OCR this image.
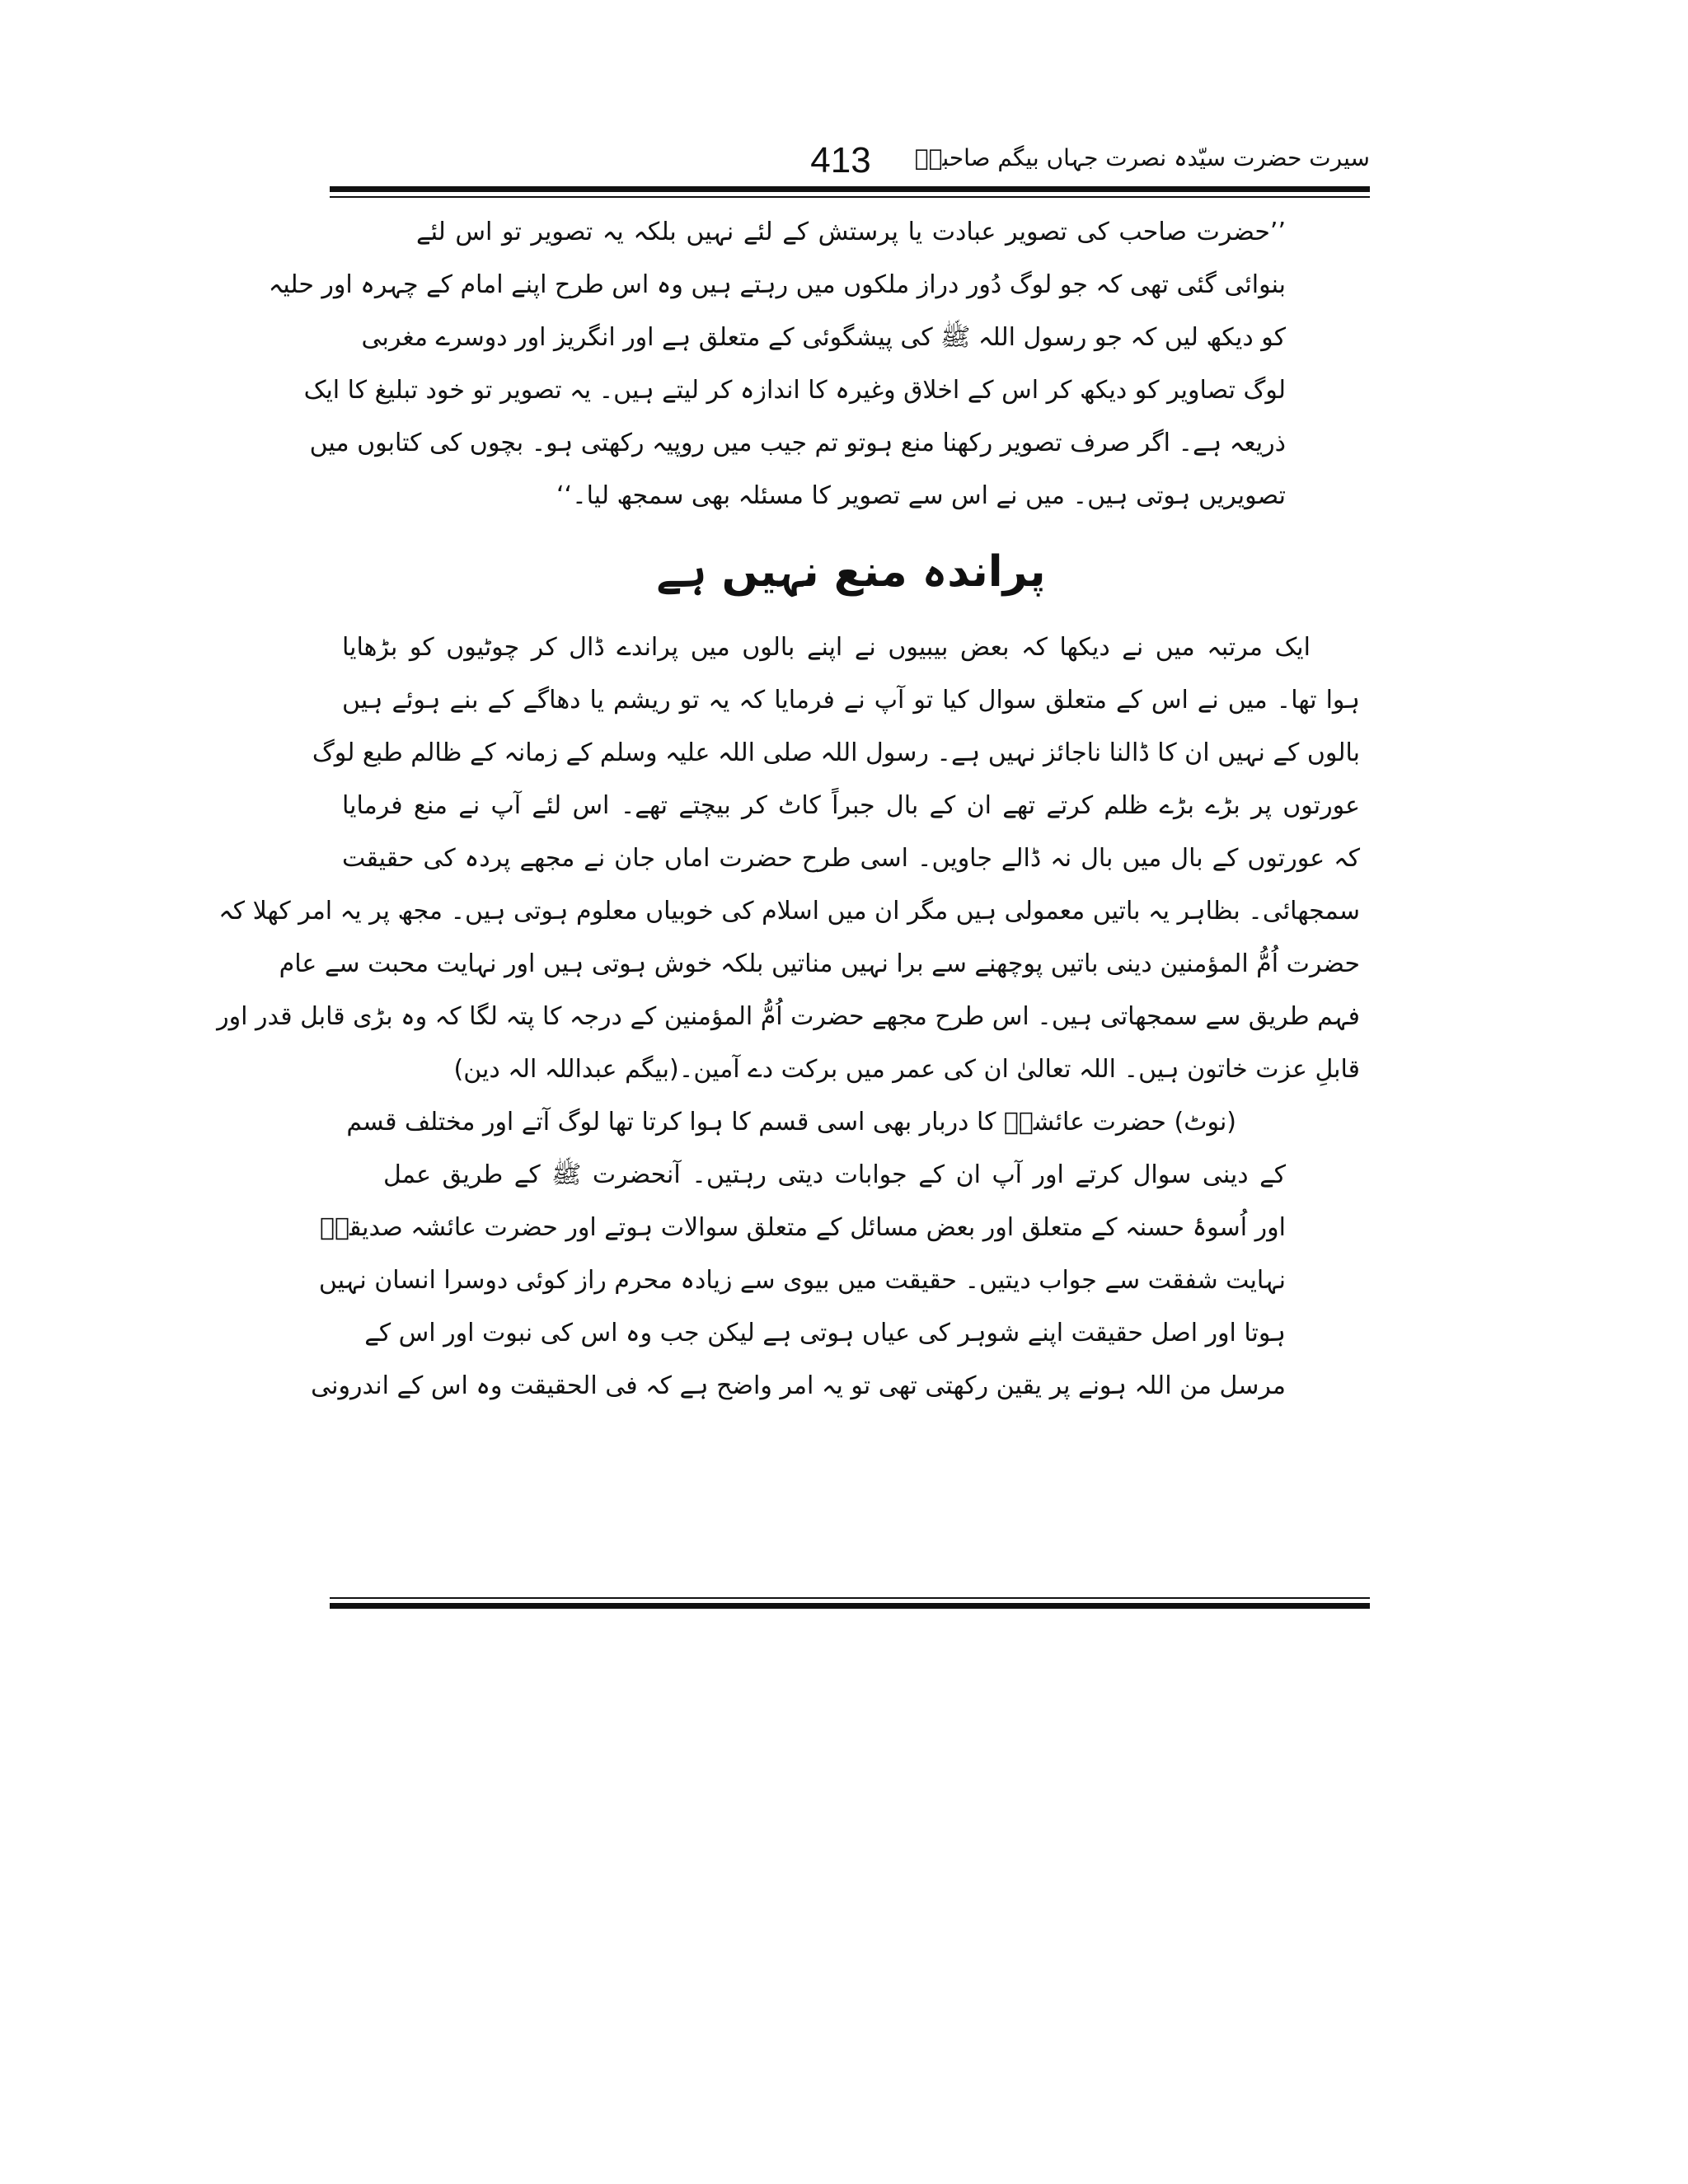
413	سیرت حضرت سیّدہ نصرت جہاں بیگم صاحبہؓ
’’حضرت صاحب کی تصویر عبادت یا پرستش کے لئے نہیں بلکہ یہ تصویر تو اس لئے
بنوائی گئی تھی کہ جو لوگ دُور دراز ملکوں میں رہتے ہیں وہ اس طرح اپنے امام کے چہرہ اور حلیہ
کو دیکھ لیں کہ جو رسول اللہ ﷺ کی پیشگوئی کے متعلق ہے اور انگریز اور دوسرے مغربی
لوگ تصاویر کو دیکھ کر اس کے اخلاق وغیرہ کا اندازہ کر لیتے ہیں۔ یہ تصویر تو خود تبلیغ کا ایک
ذریعہ ہے۔ اگر صرف تصویر رکھنا منع ہوتو تم جیب میں روپیہ رکھتی ہو۔ بچوں کی کتابوں میں
تصویریں ہوتی ہیں۔ میں نے اس سے تصویر کا مسئلہ بھی سمجھ لیا۔‘‘
پراندہ منع نہیں ہے
ایک مرتبہ میں نے دیکھا کہ بعض بیبیوں نے اپنے بالوں میں پراندے ڈال کر چوٹیوں کو بڑھایا
ہوا تھا۔ میں نے اس کے متعلق سوال کیا تو آپ نے فرمایا کہ یہ تو ریشم یا دھاگے کے بنے ہوئے ہیں
بالوں کے نہیں ان کا ڈالنا ناجائز نہیں ہے۔ رسول اللہ صلی اللہ علیہ وسلم کے زمانہ کے ظالم طبع لوگ
عورتوں پر بڑے بڑے ظلم کرتے تھے ان کے بال جبراً کاٹ کر بیچتے تھے۔ اس لئے آپ نے منع فرمایا
کہ عورتوں کے بال میں بال نہ ڈالے جاویں۔ اسی طرح حضرت اماں جان نے مجھے پردہ کی حقیقت
سمجھائی۔ بظاہر یہ باتیں معمولی ہیں مگر ان میں اسلام کی خوبیاں معلوم ہوتی ہیں۔ مجھ پر یہ امر کھلا کہ
حضرت اُمُّ المؤمنین دینی باتیں پوچھنے سے برا نہیں مناتیں بلکہ خوش ہوتی ہیں اور نہایت محبت سے عام
فہم طریق سے سمجھاتی ہیں۔ اس طرح مجھے حضرت اُمُّ المؤمنین کے درجہ کا پتہ لگا کہ وہ بڑی قابل قدر اور
قابلِ عزت خاتون ہیں۔ اللہ تعالیٰ ان کی عمر میں برکت دے آمین۔
(بیگم عبداللہ الہ دین)
(نوٹ) حضرت عائشہؓ کا دربار بھی اسی قسم کا ہوا کرتا تھا لوگ آتے اور مختلف قسم
کے دینی سوال کرتے اور آپ ان کے جوابات دیتی رہتیں۔ آنحضرت ﷺ کے طریق عمل
اور اُسوۂ حسنہ کے متعلق اور بعض مسائل کے متعلق سوالات ہوتے اور حضرت عائشہ صدیقہؓ
نہایت شفقت سے جواب دیتیں۔ حقیقت میں بیوی سے زیادہ محرم راز کوئی دوسرا انسان نہیں
ہوتا اور اصل حقیقت اپنے شوہر کی عیاں ہوتی ہے لیکن جب وہ اس کی نبوت اور اس کے
مرسل من اللہ ہونے پر یقین رکھتی تھی تو یہ امر واضح ہے کہ فی الحقیقت وہ اس کے اندرونی
